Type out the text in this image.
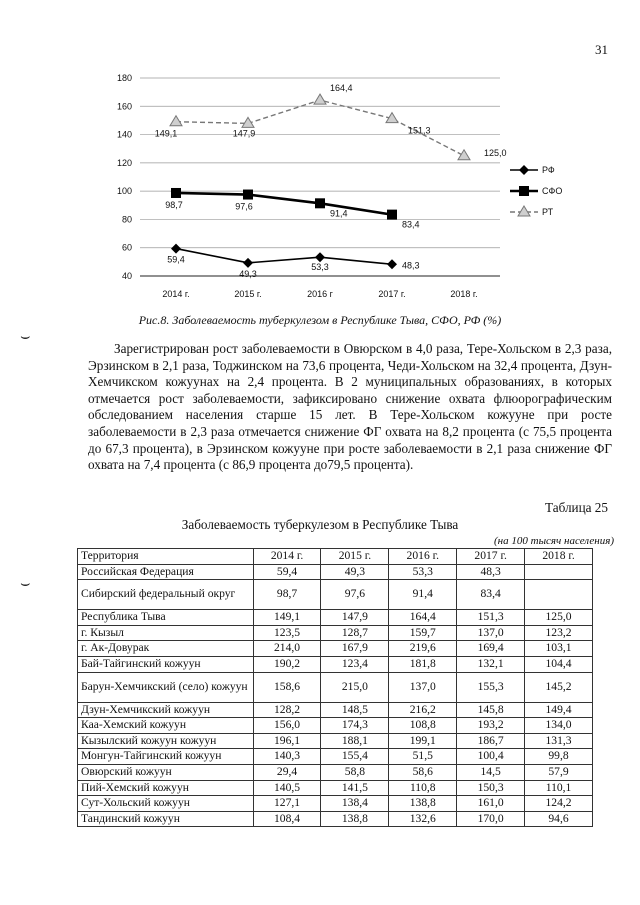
31
40
60
80
100
120
140
160
180
2014 г.	2015 г.	2016 г	2017 г.	2018 г.
59,4
49,3
53,3	48,3
98,7	97,6
91,4
83,4
149,1	147,9
164,4
151,3
125,0
РФ
СФО
РТ
Рис.8. Заболеваемость туберкулезом в Республике Тыва, СФО, РФ (%)
⌣

Зарегистрирован рост заболеваемости в Овюрском в 4,0 раза, Тере-Хольском в 2,3 раза, Эрзинском в 2,1 раза, Тоджинском на 73,6 процента, Чеди-Хольском на 32,4 процента, Дзун-Хемчикском кожуунах на 2,4 процента. В 2 муниципальных образованиях, в которых отмечается рост заболеваемости, зафиксировано снижение охвата флюорографическим обследованием населения старше 15 лет. В Тере-Хольском кожууне при росте заболеваемости в 2,3 раза отмечается снижение ФГ охвата на 8,2 процента (с 75,5 процента до 67,3 процента), в Эрзинском кожууне при росте заболеваемости в 2,1 раза снижение ФГ охвата на 7,4 процента (с 86,9 процента до79,5 процента).

Таблица 25
Заболеваемость туберкулезом в Республике Тыва
(на 100 тысяч населения)
⌣
Территория	2014 г.	2015 г.	2016 г.	2017 г.	2018 г.
Российская Федерация	59,4	49,3	53,3	48,3	
Сибирский федеральный округ	98,7	97,6	91,4	83,4	
Республика Тыва	149,1	147,9	164,4	151,3	125,0
г. Кызыл	123,5	128,7	159,7	137,0	123,2
г. Ак-Довурак	214,0	167,9	219,6	169,4	103,1
Бай-Тайгинский кожуун	190,2	123,4	181,8	132,1	104,4
Барун-Хемчикский (село) кожуун	158,6	215,0	137,0	155,3	145,2
Дзун-Хемчикский кожуун	128,2	148,5	216,2	145,8	149,4
Каа-Хемский кожуун	156,0	174,3	108,8	193,2	134,0
Кызылский кожуун кожуун	196,1	188,1	199,1	186,7	131,3
Монгун-Тайгинский кожуун	140,3	155,4	51,5	100,4	99,8
Овюрский кожуун	29,4	58,8	58,6	14,5	57,9
Пий-Хемский кожуун	140,5	141,5	110,8	150,3	110,1
Сут-Хольский кожуун	127,1	138,4	138,8	161,0	124,2
Тандинский кожуун	108,4	138,8	132,6	170,0	94,6
